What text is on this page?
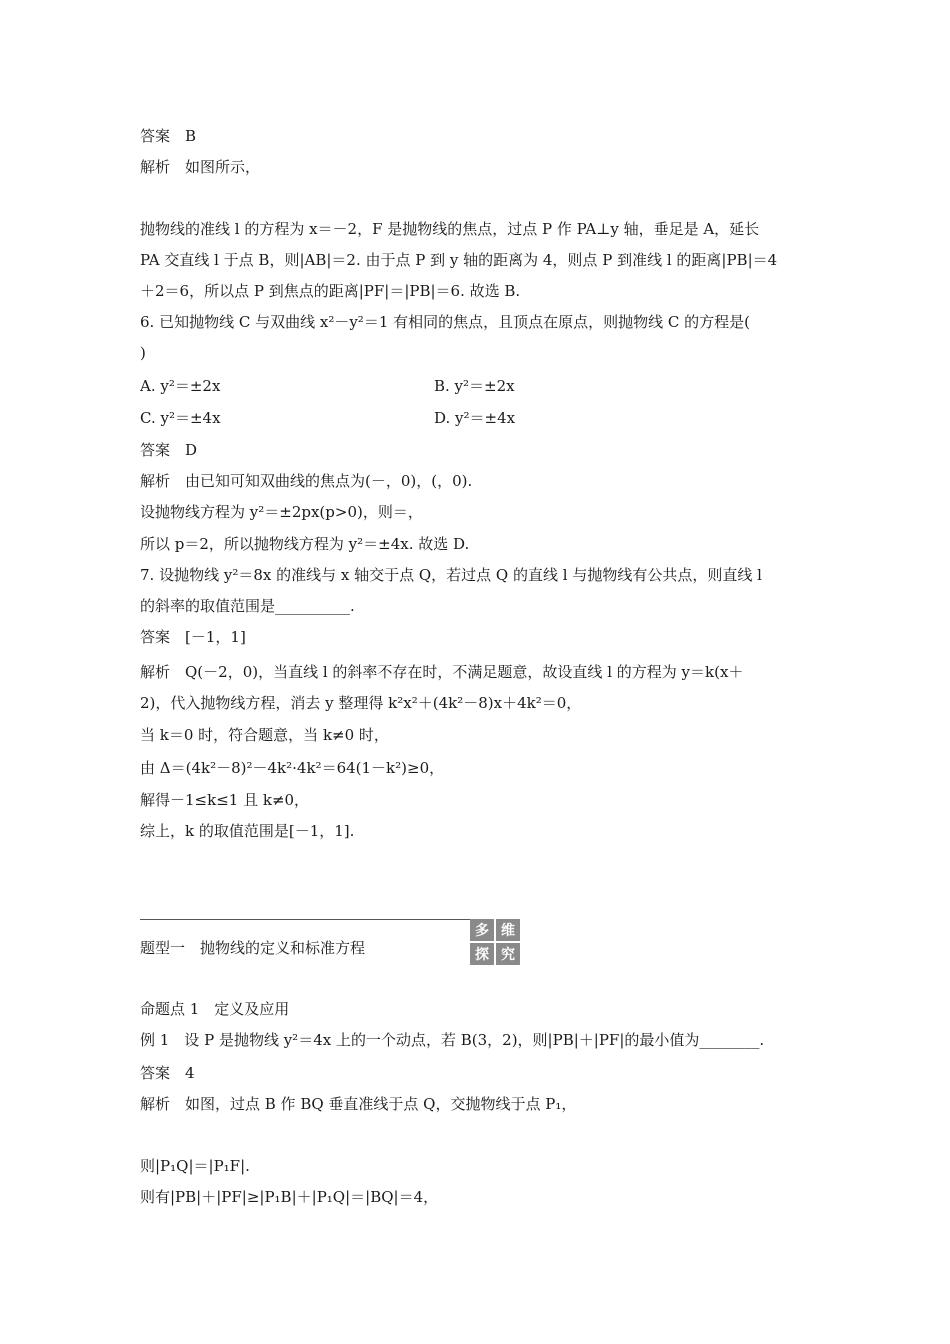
答案　B
解析　如图所示，
抛物线的准线 l 的方程为 x＝－2，F 是抛物线的焦点，过点 P 作 PA⊥y 轴，垂足是 A，延长
PA 交直线 l 于点 B，则|AB|＝2. 由于点 P 到 y 轴的距离为 4，则点 P 到准线 l 的距离|PB|＝4
＋2＝6，所以点 P 到焦点的距离|PF|＝|PB|＝6. 故选 B.
6. 已知抛物线 C 与双曲线 x²－y²＝1 有相同的焦点，且顶点在原点，则抛物线 C 的方程是(
)
A. y²＝±2x	B. y²＝±2x
C. y²＝±4x	D. y²＝±4x
答案　D
解析　由已知可知双曲线的焦点为(－，0)，(，0).
设抛物线方程为 y²＝±2px(p>0)，则＝，
所以 p＝2，所以抛物线方程为 y²＝±4x. 故选 D.
7. 设抛物线 y²＝8x 的准线与 x 轴交于点 Q，若过点 Q 的直线 l 与抛物线有公共点，则直线 l
的斜率的取值范围是__________.
答案　[－1，1]
解析　Q(－2，0)，当直线 l 的斜率不存在时，不满足题意，故设直线 l 的方程为 y＝k(x＋
2)，代入抛物线方程，消去 y 整理得 k²x²＋(4k²－8)x＋4k²＝0，
当 k＝0 时，符合题意，当 k≠0 时，
由 Δ＝(4k²－8)²－4k²·4k²＝64(1－k²)≥0，
解得－1≤k≤1 且 k≠0，
综上，k 的取值范围是[－1，1].
题型一　抛物线的定义和标准方程
多 维
探 究
命题点 1　定义及应用
例 1　设 P 是抛物线 y²＝4x 上的一个动点，若 B(3，2)，则|PB|＋|PF|的最小值为________.
答案　4
解析　如图，过点 B 作 BQ 垂直准线于点 Q，交抛物线于点 P₁，
则|P₁Q|＝|P₁F|.
则有|PB|＋|PF|≥|P₁B|＋|P₁Q|＝|BQ|＝4，
